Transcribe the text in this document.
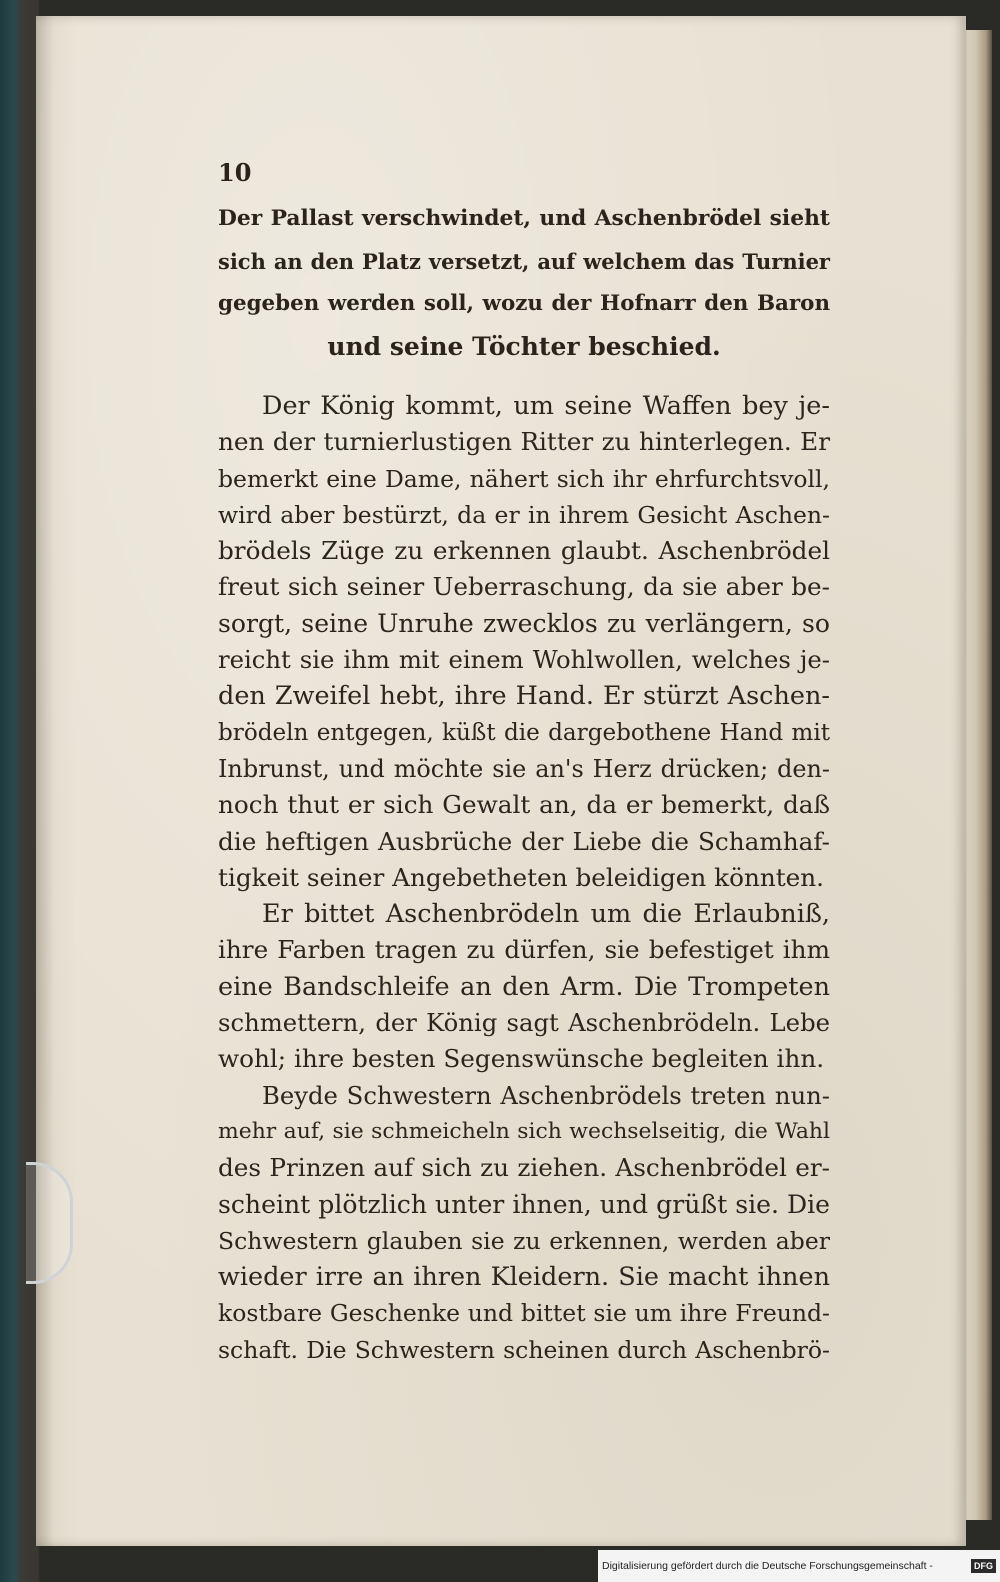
10
Der Pallast verschwindet, und Aschenbrödel sieht
sich an den Platz versetzt, auf welchem das Turnier
gegeben werden soll, wozu der Hofnarr den Baron
und seine Töchter beschied.
Der König kommt, um seine Waffen bey je-
nen der turnierlustigen Ritter zu hinterlegen. Er
bemerkt eine Dame, nähert sich ihr ehrfurchtsvoll,
wird aber bestürzt, da er in ihrem Gesicht Aschen-
brödels Züge zu erkennen glaubt. Aschenbrödel
freut sich seiner Ueberraschung, da sie aber be-
sorgt, seine Unruhe zwecklos zu verlängern, so
reicht sie ihm mit einem Wohlwollen, welches je-
den Zweifel hebt, ihre Hand. Er stürzt Aschen-
brödeln entgegen, küßt die dargebothene Hand mit
Inbrunst, und möchte sie an's Herz drücken; den-
noch thut er sich Gewalt an, da er bemerkt, daß
die heftigen Ausbrüche der Liebe die Schamhaf-
tigkeit seiner Angebetheten beleidigen könnten.
Er bittet Aschenbrödeln um die Erlaubniß,
ihre Farben tragen zu dürfen, sie befestiget ihm
eine Bandschleife an den Arm. Die Trompeten
schmettern, der König sagt Aschenbrödeln. Lebe
wohl; ihre besten Segenswünsche begleiten ihn.
Beyde Schwestern Aschenbrödels treten nun-
mehr auf, sie schmeicheln sich wechselseitig, die Wahl
des Prinzen auf sich zu ziehen. Aschenbrödel er-
scheint plötzlich unter ihnen, und grüßt sie. Die
Schwestern glauben sie zu erkennen, werden aber
wieder irre an ihren Kleidern. Sie macht ihnen
kostbare Geschenke und bittet sie um ihre Freund-
schaft. Die Schwestern scheinen durch Aschenbrö-
Digitalisierung gefördert durch die Deutsche Forschungsgemeinschaft -	DFG
